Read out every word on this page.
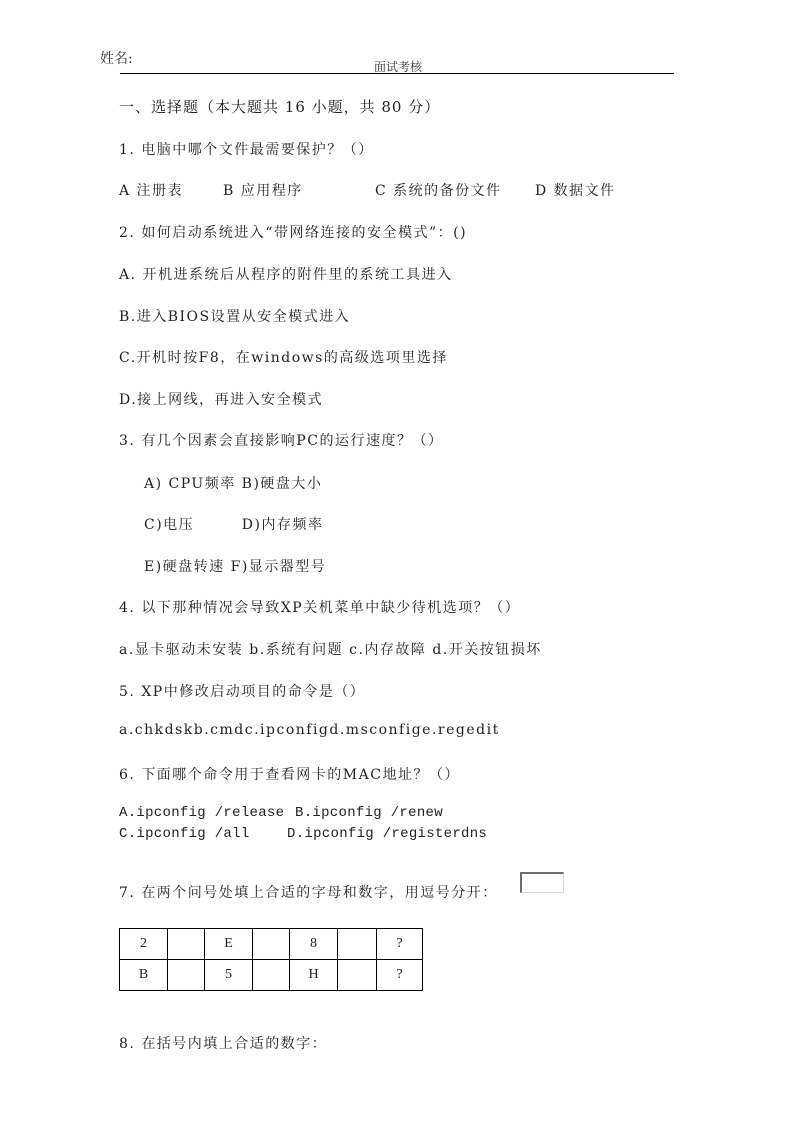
姓名:	面试考核
一、选择题（本大题共 16 小题，共 80 分）
1. 电脑中哪个文件最需要保护？（）
A 注册表	B 应用程序	C 系统的备份文件 D 数据文件
2. 如何启动系统进入“带网络连接的安全模式”：()
A. 开机进系统后从程序的附件里的系统工具进入
B.进入BIOS设置从安全模式进入
C.开机时按F8，在windows的高级选项里选择
D.接上网线，再进入安全模式
3. 有几个因素会直接影响PC的运行速度？（）
A) CPU频率 B)硬盘大小
C)电压        D)内存频率
E)硬盘转速 F)显示器型号
4. 以下那种情况会导致XP关机菜单中缺少待机选项？（）
a.显卡驱动未安装 b.系统有问题 c.内存故障 d.开关按钮损坏
5. XP中修改启动项目的命令是（）
a.chkdskb.cmdc.ipconfigd.msconfige.regedit
6. 下面哪个命令用于查看网卡的MAC地址？（）
A.ipconfig /release B.ipconfig /renew
C.ipconfig /all	D.ipconfig /registerdns
7. 在两个问号处填上合适的字母和数字，用逗号分开：
2		E		8		?
B		5		H		?
8. 在括号内填上合适的数字：
